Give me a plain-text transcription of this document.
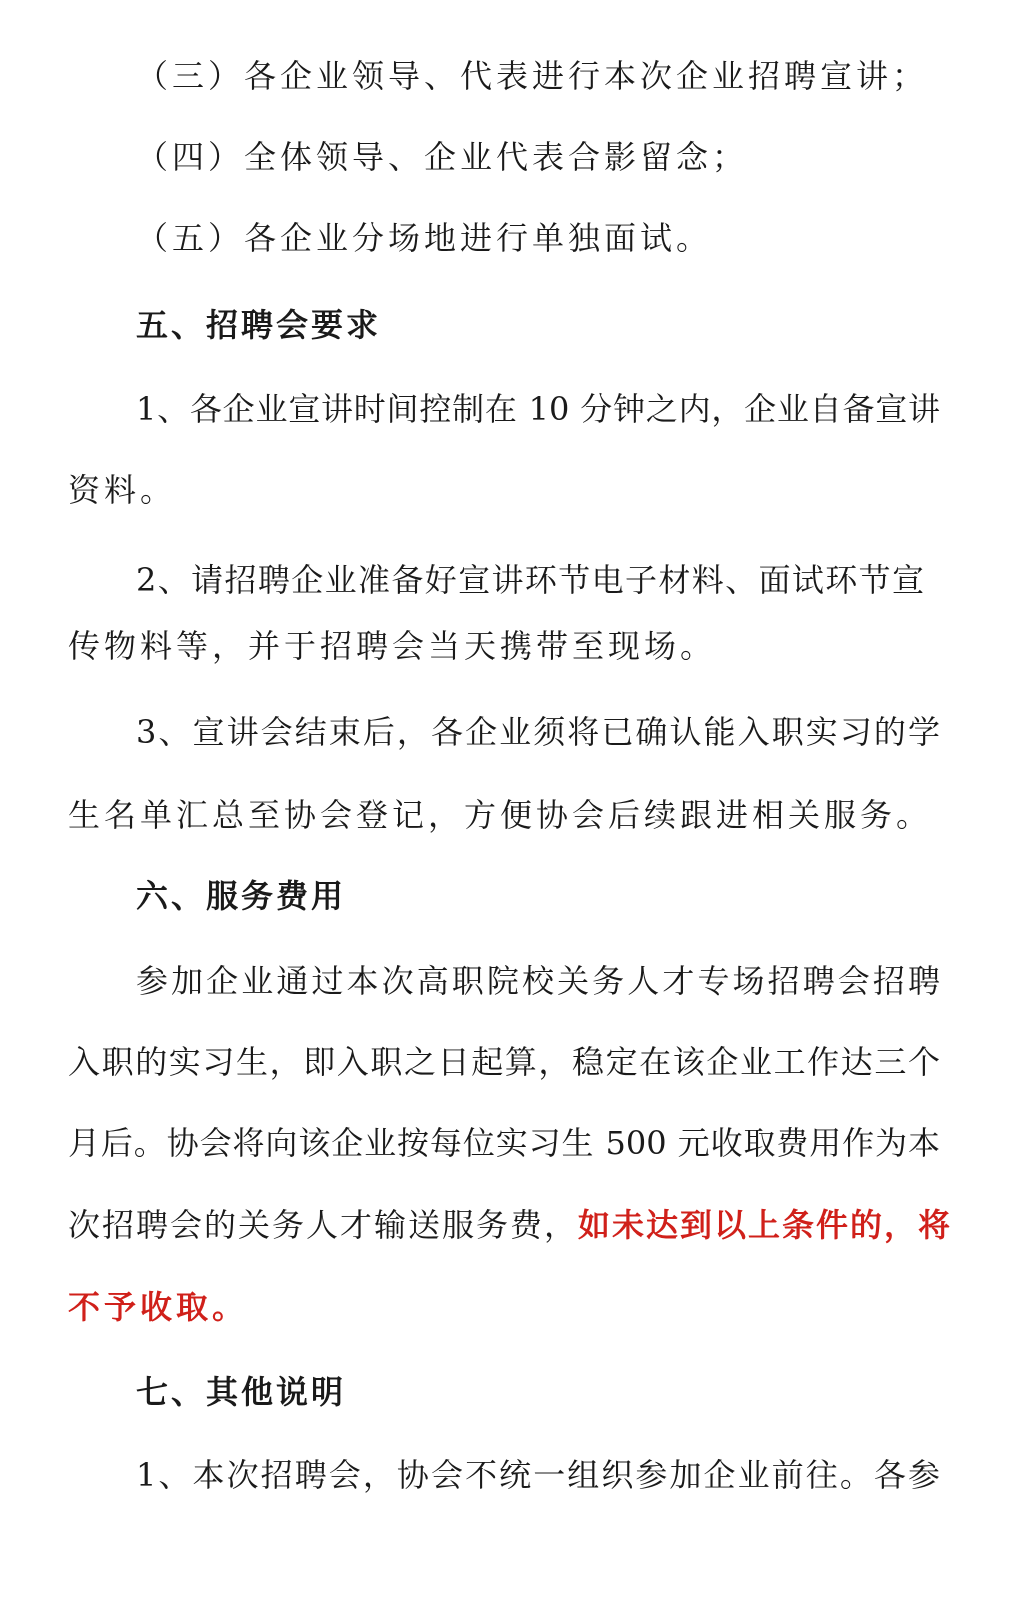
（三）各企业领导、代表进行本次企业招聘宣讲；
（四）全体领导、企业代表合影留念；
（五）各企业分场地进行单独面试。
五、招聘会要求
1、各企业宣讲时间控制在 10 分钟之内，企业自备宣讲
资料。
2、请招聘企业准备好宣讲环节电子材料、面试环节宣
传物料等，并于招聘会当天携带至现场。
3、宣讲会结束后，各企业须将已确认能入职实习的学
生名单汇总至协会登记，方便协会后续跟进相关服务。
六、服务费用
参加企业通过本次高职院校关务人才专场招聘会招聘
入职的实习生，即入职之日起算，稳定在该企业工作达三个
月后。协会将向该企业按每位实习生 500 元收取费用作为本
次招聘会的关务人才输送服务费，如未达到以上条件的，将
不予收取。
七、其他说明
1、本次招聘会，协会不统一组织参加企业前往。各参
